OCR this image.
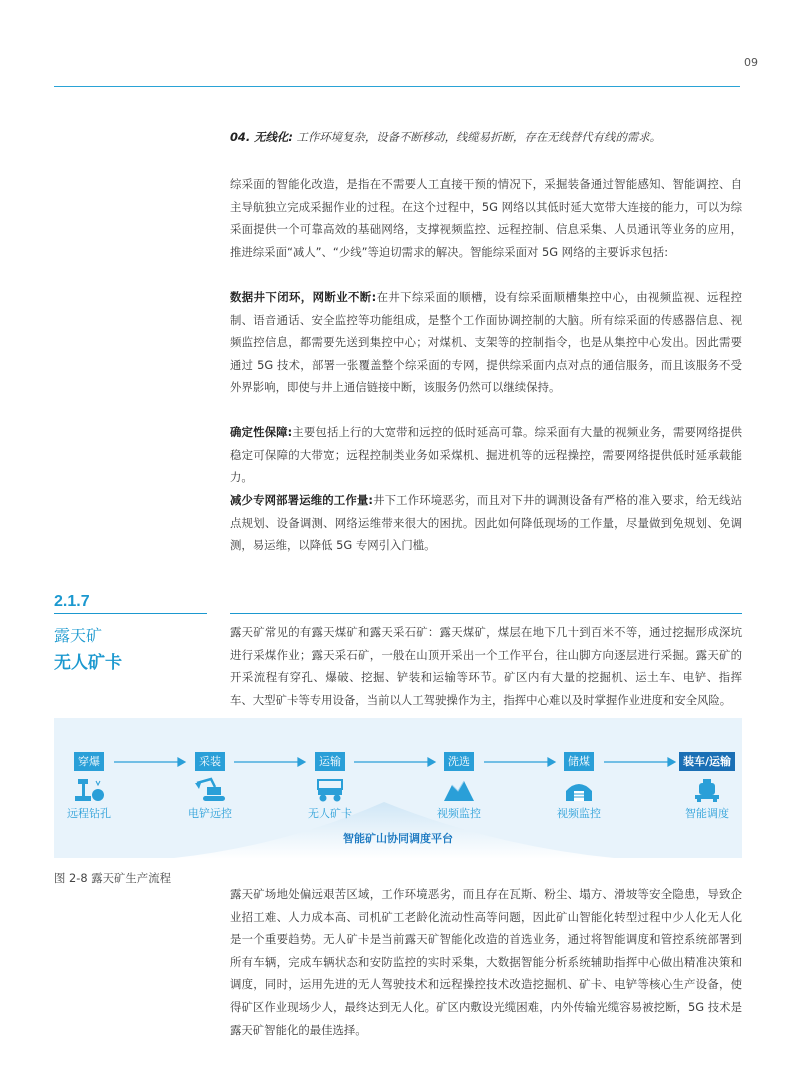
09

04. 无线化: 工作环境复杂，设备不断移动，线缆易折断，存在无线替代有线的需求。

综采面的智能化改造，是指在不需要人工直接干预的情况下，采掘装备通过智能感知、智能调控、自主导航独立完成采掘作业的过程。在这个过程中，5G 网络以其低时延大宽带大连接的能力，可以为综采面提供一个可靠高效的基础网络，支撑视频监控、远程控制、信息采集、人员通讯等业务的应用，推进综采面“减人”、“少线”等迫切需求的解决。智能综采面对 5G 网络的主要诉求包括:

数据井下闭环，网断业不断:在井下综采面的顺槽，设有综采面顺槽集控中心，由视频监视、远程控制、语音通话、安全监控等功能组成，是整个工作面协调控制的大脑。所有综采面的传感器信息、视频监控信息，都需要先送到集控中心；对煤机、支架等的控制指令，也是从集控中心发出。因此需要通过 5G 技术，部署一张覆盖整个综采面的专网，提供综采面内点对点的通信服务，而且该服务不受外界影响，即使与井上通信链接中断，该服务仍然可以继续保持。

确定性保障:主要包括上行的大宽带和远控的低时延高可靠。综采面有大量的视频业务，需要网络提供稳定可保障的大带宽；远程控制类业务如采煤机、掘进机等的远程操控，需要网络提供低时延承载能力。

减少专网部署运维的工作量:井下工作环境恶劣，而且对下井的调测设备有严格的准入要求，给无线站点规划、设备调测、网络运维带来很大的困扰。因此如何降低现场的工作量，尽量做到免规划、免调测，易运维，以降低 5G 专网引入门槛。

2.1.7
露天矿
无人矿卡

露天矿常见的有露天煤矿和露天采石矿：露天煤矿，煤层在地下几十到百米不等，通过挖掘形成深坑进行采煤作业；露天采石矿，一般在山顶开采出一个工作平台，往山脚方向逐层进行采掘。露天矿的开采流程有穿孔、爆破、挖掘、铲装和运输等环节。矿区内有大量的挖掘机、运土车、电铲、指挥车、大型矿卡等专用设备，当前以人工驾驶操作为主，指挥中心难以及时掌握作业进度和安全风险。

穿爆
远程钻孔
采装
电铲远控
运输
无人矿卡
洗选
视频监控
储煤
视频监控
装车/运输
智能调度
智能矿山协同调度平台
图 2-8 露天矿生产流程

露天矿场地处偏远艰苦区域，工作环境恶劣，而且存在瓦斯、粉尘、塌方、滑坡等安全隐患，导致企业招工难、人力成本高、司机矿工老龄化流动性高等问题，因此矿山智能化转型过程中少人化无人化是一个重要趋势。无人矿卡是当前露天矿智能化改造的首选业务，通过将智能调度和管控系统部署到所有车辆，完成车辆状态和安防监控的实时采集，大数据智能分析系统辅助指挥中心做出精准决策和调度，同时，运用先进的无人驾驶技术和远程操控技术改造挖掘机、矿卡、电铲等核心生产设备，使得矿区作业现场少人，最终达到无人化。矿区内敷设光缆困难，内外传输光缆容易被挖断，5G 技术是露天矿智能化的最佳选择。
